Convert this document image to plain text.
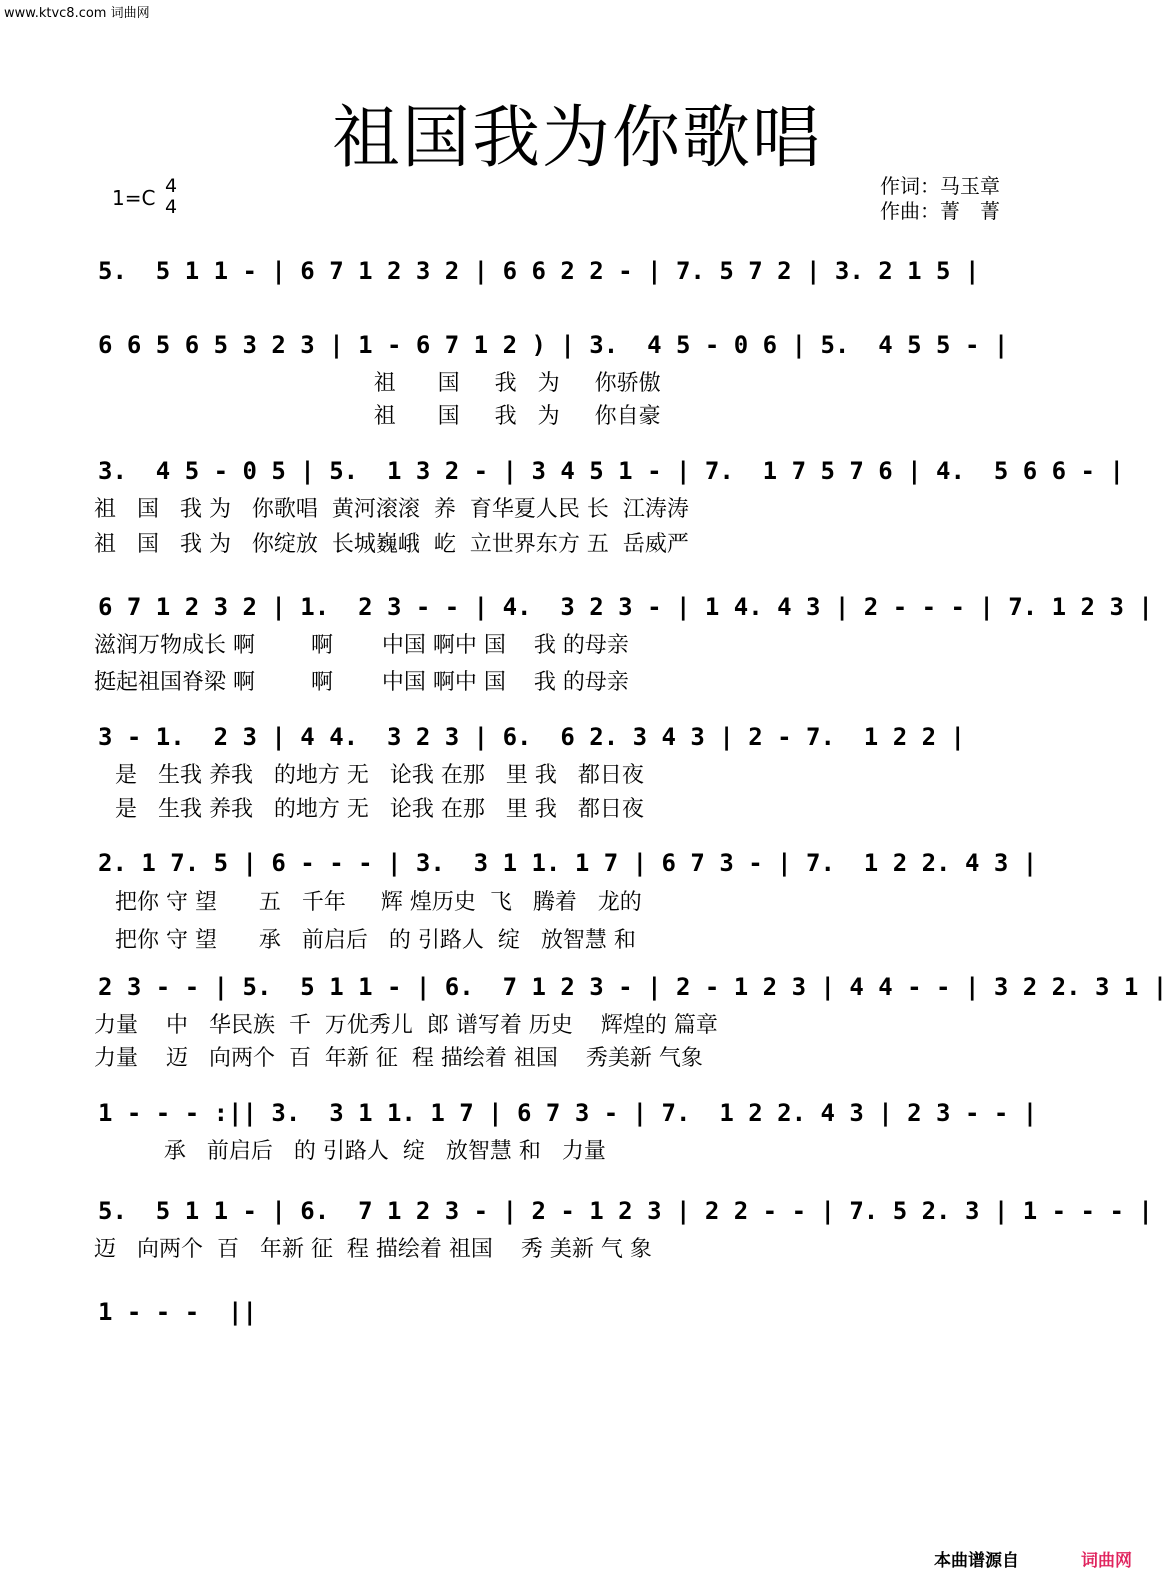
www.ktvc8.com 词曲网
祖国我为你歌唱
1=C 4
4
作词：马玉章
作曲：菁　菁
5.  5 1 1 - | 6 7 1 2 3 2 | 6 6 2 2 - | 7. 5 7 2 | 3. 2 1 5 |
6 6 5 6 5 3 2 3 | 1 - 6 7 1 2 ) | 3.  4 5 - 0 6 | 5.  4 5 5 - |
祖      国     我   为     你骄傲
祖      国     我   为     你自豪
3.  4 5 - 0 5 | 5.  1 3 2 - | 3 4 5 1 - | 7.  1 7 5 7 6 | 4.  5 6 6 - |
祖   国   我 为   你歌唱  黄河滚滚  养  育华夏人民 长  江涛涛
祖   国   我 为   你绽放  长城巍峨  屹  立世界东方 五  岳威严
6 7 1 2 3 2 | 1.  2 3 - - | 4.  3 2 3 - | 1 4. 4 3 | 2 - - - | 7. 1 2 3 |
滋润万物成长 啊        啊       中国 啊中 国    我 的母亲
挺起祖国脊梁 啊        啊       中国 啊中 国    我 的母亲
3 - 1.  2 3 | 4 4.  3 2 3 | 6.  6 2. 3 4 3 | 2 - 7.  1 2 2 |
是   生我 养我   的地方 无   论我 在那   里 我   都日夜
是   生我 养我   的地方 无   论我 在那   里 我   都日夜
2. 1 7. 5 | 6 - - - | 3.  3 1 1. 1 7 | 6 7 3 - | 7.  1 2 2. 4 3 |
把你 守 望      五   千年     辉 煌历史  飞   腾着   龙的
把你 守 望      承   前启后   的 引路人  绽   放智慧 和
2 3 - - | 5.  5 1 1 - | 6.  7 1 2 3 - | 2 - 1 2 3 | 4 4 - - | 3 2 2. 3 1 |
力量    中   华民族  千  万优秀儿  郎 谱写着 历史    辉煌的 篇章
力量    迈   向两个  百  年新 征  程 描绘着 祖国    秀美新 气象
1 - - - :|| 3.  3 1 1. 1 7 | 6 7 3 - | 7.  1 2 2. 4 3 | 2 3 - - |
承   前启后   的 引路人  绽   放智慧 和   力量
5.  5 1 1 - | 6.  7 1 2 3 - | 2 - 1 2 3 | 2 2 - - | 7. 5 2. 3 | 1 - - - |
迈   向两个  百   年新 征  程 描绘着 祖国    秀 美新 气 象
1 - - -  ||
本曲谱源自	词曲网
